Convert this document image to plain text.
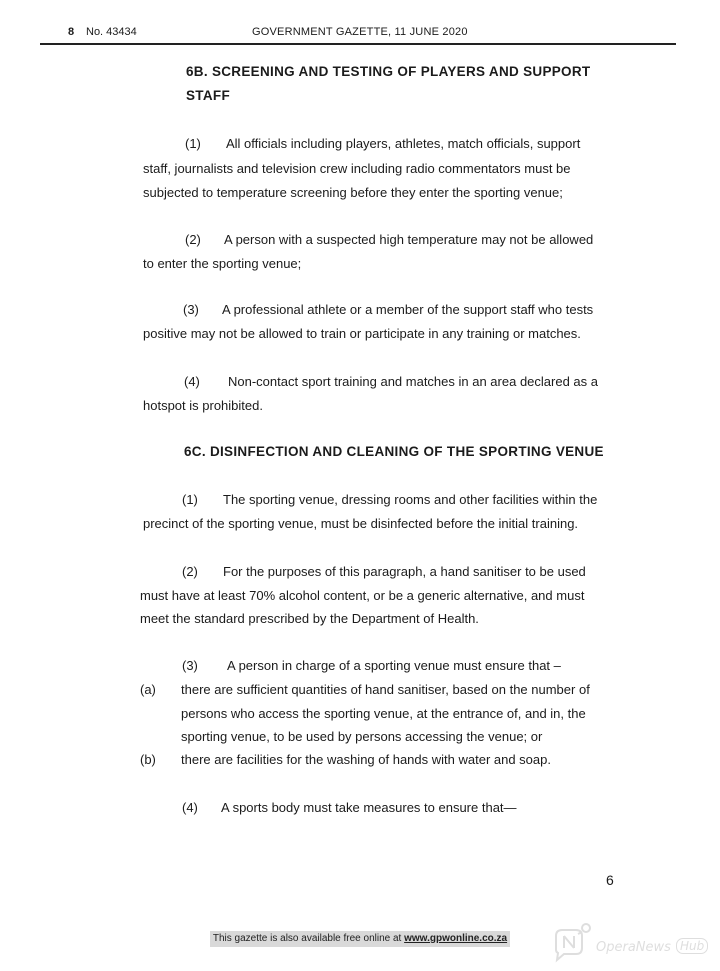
8 No. 43434	GOVERNMENT GAZETTE, 11 JUNE 2020
6B. SCREENING AND TESTING OF PLAYERS AND SUPPORT
STAFF
(1) All officials including players, athletes, match officials, support
staff, journalists and television crew including radio commentators must be
subjected to temperature screening before they enter the sporting venue;
(2) A person with a suspected high temperature may not be allowed
to enter the sporting venue;
(3) A professional athlete or a member of the support staff who tests
positive may not be allowed to train or participate in any training or matches.
(4) Non-contact sport training and matches in an area declared as a
hotspot is prohibited.
6C. DISINFECTION AND CLEANING OF THE SPORTING VENUE
(1) The sporting venue, dressing rooms and other facilities within the
precinct of the sporting venue, must be disinfected before the initial training.
(2) For the purposes of this paragraph, a hand sanitiser to be used
must have at least 70% alcohol content, or be a generic alternative, and must
meet the standard prescribed by the Department of Health.
(3) A person in charge of a sporting venue must ensure that –
(a) there are sufficient quantities of hand sanitiser, based on the number of
persons who access the sporting venue, at the entrance of, and in, the
sporting venue, to be used by persons accessing the venue; or
(b) there are facilities for the washing of hands with water and soap.
(4) A sports body must take measures to ensure that—
6
This gazette is also available free online at www.gpwonline.co.za
OperaNews Hub
